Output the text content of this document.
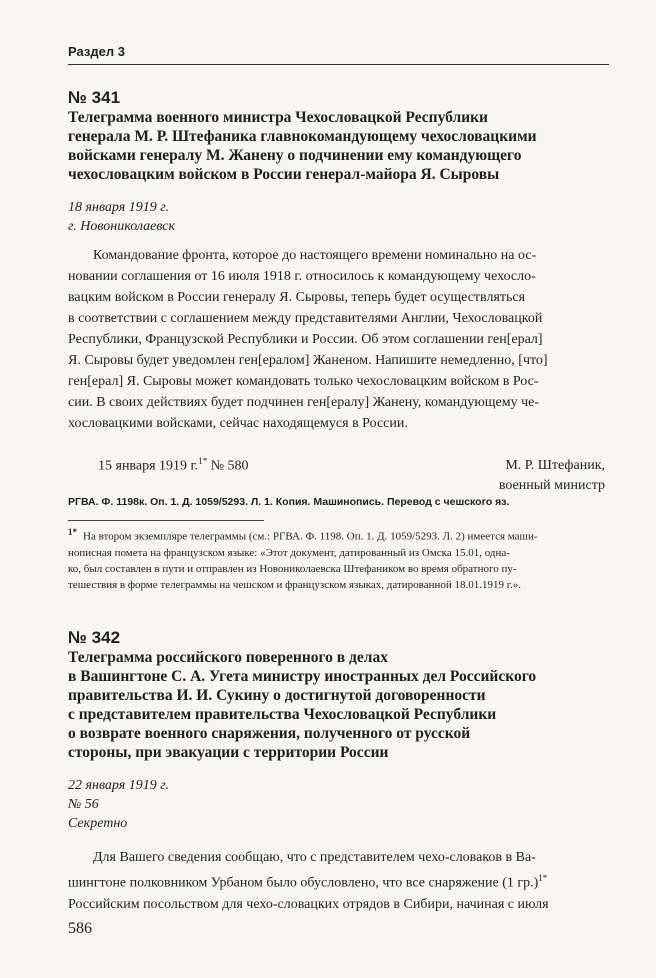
Раздел 3
№ 341
Телеграмма военного министра Чехословацкой Республики
генерала М. Р. Штефаника главнокомандующему чехословацкими
войсками генералу М. Жанену о подчинении ему командующего
чехословацким войском в России генерал-майора Я. Сыровы
18 января 1919 г.
г. Новониколаевск
Командование фронта, которое до настоящего времени номинально на ос-
новании соглашения от 16 июля 1918 г. относилось к командующему чехосло-
вацким войском в России генералу Я. Сыровы, теперь будет осуществляться
в соответствии с соглашением между представителями Англии, Чехословацкой
Республики, Французской Республики и России. Об этом соглашении ген[ерал]
Я. Сыровы будет уведомлен ген[ералом] Жаненом. Напишите немедленно, [что]
ген[ерал] Я. Сыровы может командовать только чехословацким войском в Рос-
сии. В своих действиях будет подчинен ген[ералу] Жанену, командующему че-
хословацкими войсками, сейчас находящемуся в России.
15 января 1919 г.$^{1*}$ № 580	М. Р. Штефаник,
военный министр
РГВА. Ф. 1198к. Оп. 1. Д. 1059/5293. Л. 1. Копия. Машинопись. Перевод с чешского яз.
$^{1*}$ На втором экземпляре телеграммы (см.: РГВА. Ф. 1198. Оп. 1. Д. 1059/5293. Л. 2) имеется маши-
нописная помета на французском языке: «Этот документ, датированный из Омска 15.01, одна-
ко, был составлен в пути и отправлен из Новониколаевска Штефаником во время обратного пу-
тешествия в форме телеграммы на чешском и французском языках, датированной 18.01.1919 г.».
№ 342
Телеграмма российского поверенного в делах
в Вашингтоне С. А. Угета министру иностранных дел Российского
правительства И. И. Сукину о достигнутой договоренности
с представителем правительства Чехословацкой Республики
о возврате военного снаряжения, полученного от русской
стороны, при эвакуации с территории России
22 января 1919 г.
№ 56
Секретно
Для Вашего сведения сообщаю, что с представителем чехо-словаков в Ва-
шингтоне полковником Урбаном было обусловлено, что все снаряжение (1 гр.)$^{1*}$
Российским посольством для чехо-словацких отрядов в Сибири, начиная с июля
586
